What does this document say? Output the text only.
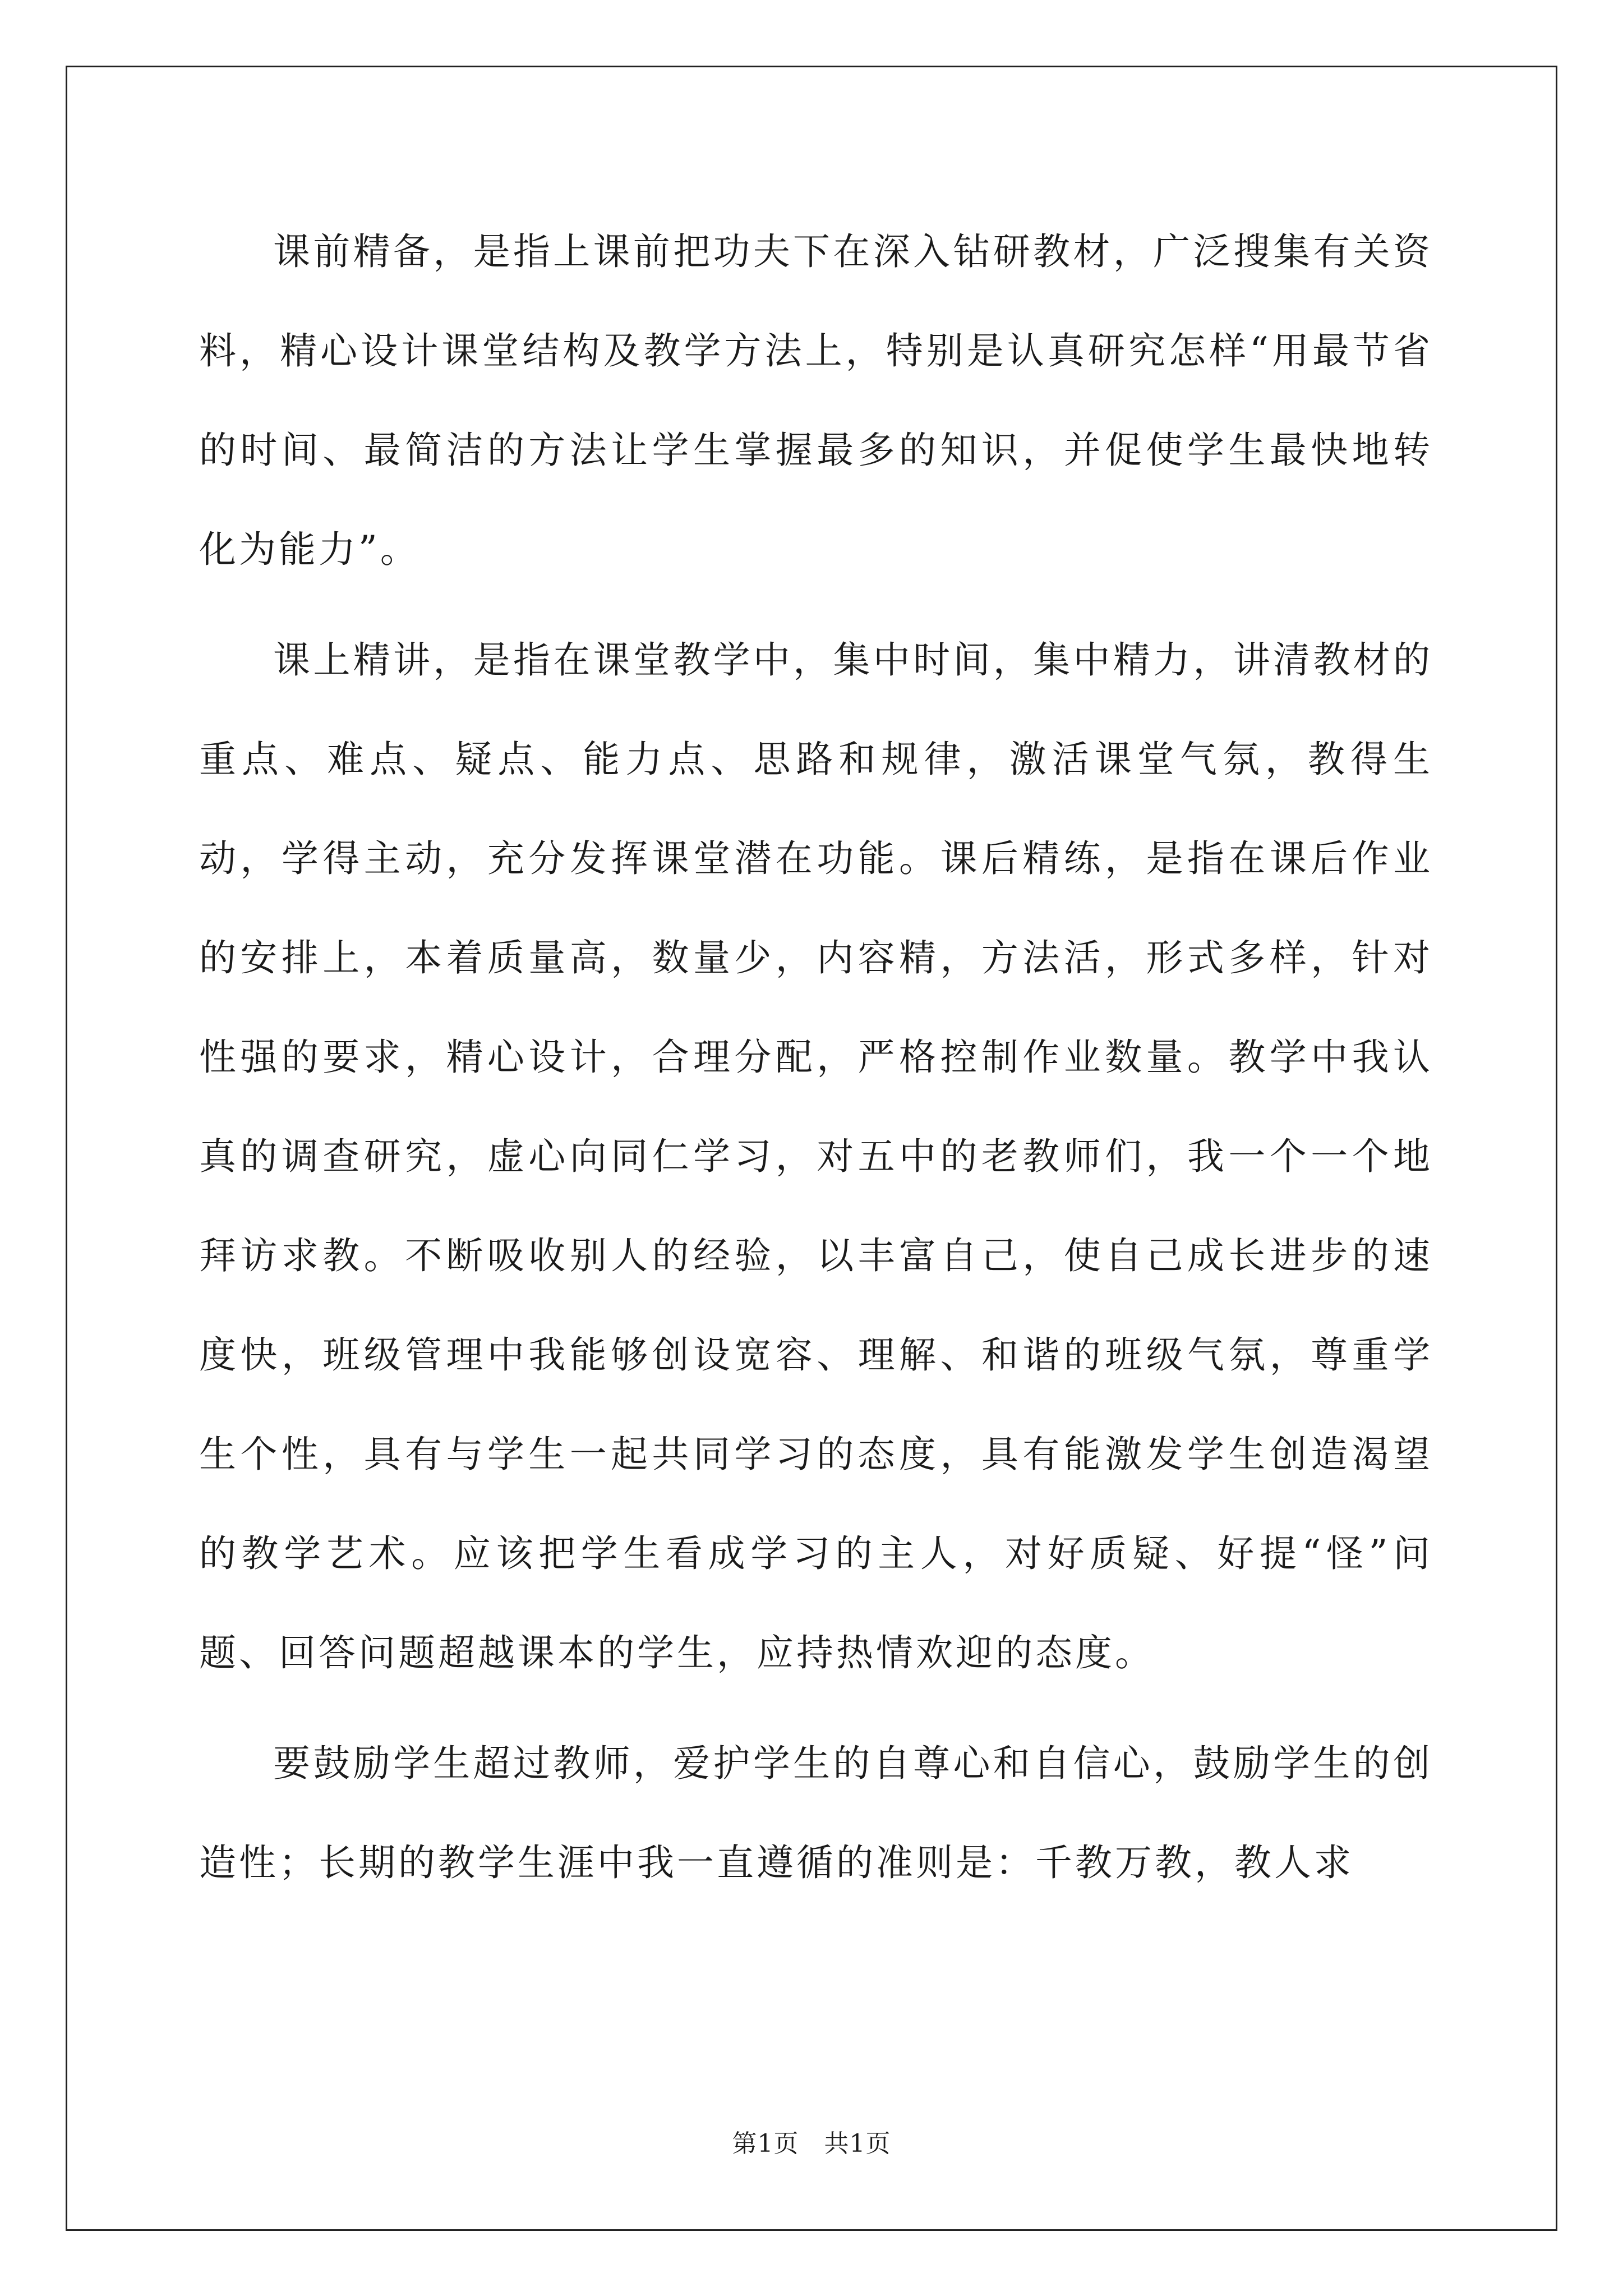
课前精备，是指上课前把功夫下在深入钻研教材，广泛搜集有关资料，精心设计课堂结构及教学方法上，特别是认真研究怎样“用最节省的时间、最简洁的方法让学生掌握最多的知识，并促使学生最快地转化为能力”。

课上精讲，是指在课堂教学中，集中时间，集中精力，讲清教材的重点、难点、疑点、能力点、思路和规律，激活课堂气氛，教得生动，学得主动，充分发挥课堂潜在功能。课后精练，是指在课后作业的安排上，本着质量高，数量少，内容精，方法活，形式多样，针对性强的要求，精心设计，合理分配，严格控制作业数量。教学中我认真的调查研究，虚心向同仁学习，对五中的老教师们，我一个一个地拜访求教。不断吸收别人的经验，以丰富自己，使自己成长进步的速度快，班级管理中我能够创设宽容、理解、和谐的班级气氛，尊重学生个性，具有与学生一起共同学习的态度，具有能激发学生创造渴望的教学艺术。应该把学生看成学习的主人，对好质疑、好提“怪”问题、回答问题超越课本的学生，应持热情欢迎的态度。

要鼓励学生超过教师，爱护学生的自尊心和自信心，鼓励学生的创造性；长期的教学生涯中我一直遵循的准则是：千教万教，教人求

第1页 共1页
